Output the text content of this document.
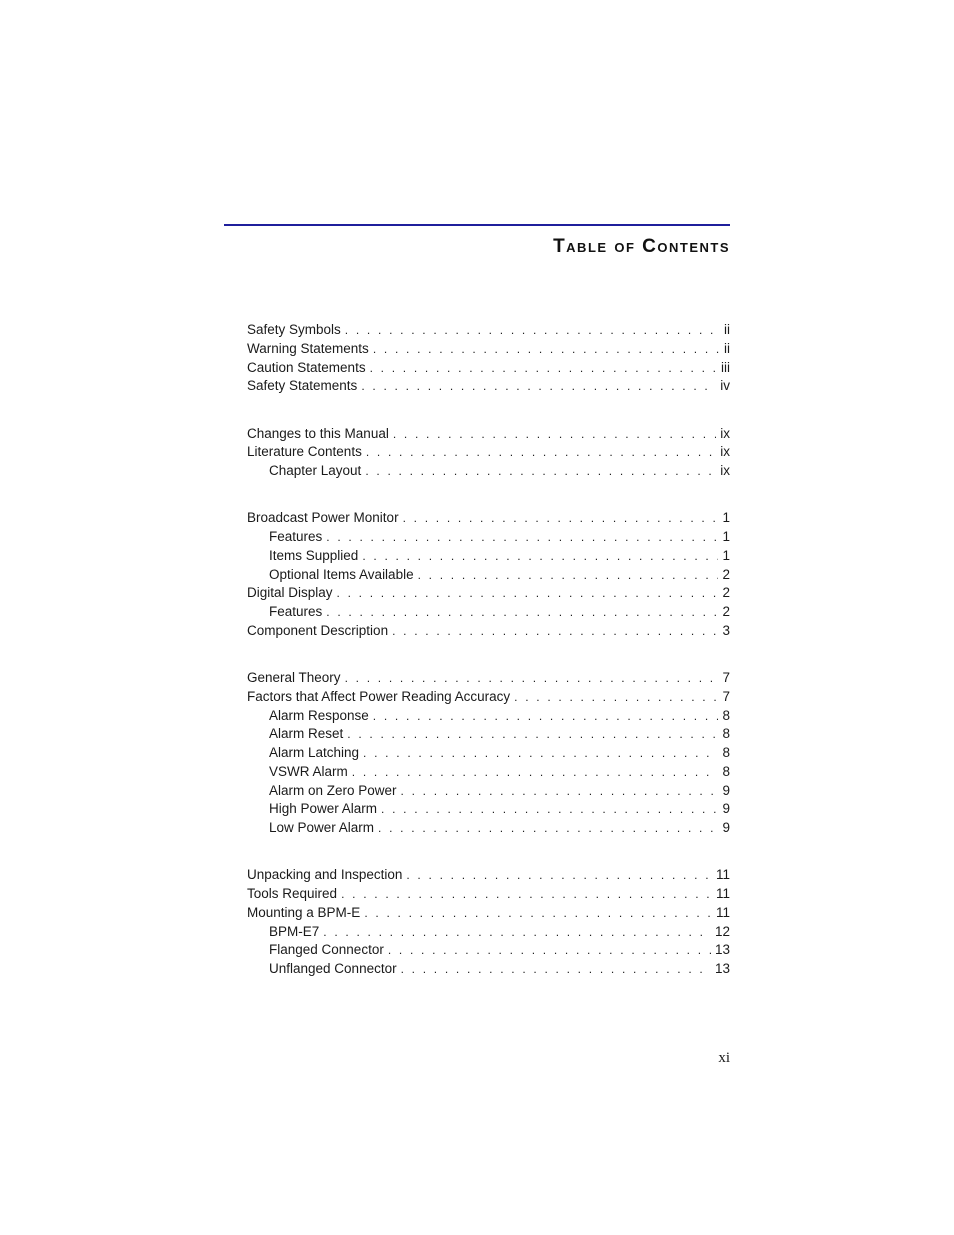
Table of Contents
Safety Symbols . . .	ii
Warning Statements . . .	ii
Caution Statements . . .	iii
Safety Statements . . .	iv
Changes to this Manual . . .	ix
Literature Contents . . .	ix
Chapter Layout . . .	ix
Broadcast Power Monitor . . .	1
Features . . .	1
Items Supplied . . .	1
Optional Items Available . . .	2
Digital Display . . .	2
Features . . .	2
Component Description . . .	3
General Theory . . .	7
Factors that Affect Power Reading Accuracy . . .	7
Alarm Response . . .	8
Alarm Reset . . .	8
Alarm Latching . . .	8
VSWR Alarm . . .	8
Alarm on Zero Power . . .	9
High Power Alarm . . .	9
Low Power Alarm . . .	9
Unpacking and Inspection . . .	11
Tools Required . . .	11
Mounting a BPM-E . . .	11
BPM-E7 . . .	12
Flanged Connector . . .	13
Unflanged Connector . . .	13
xi
